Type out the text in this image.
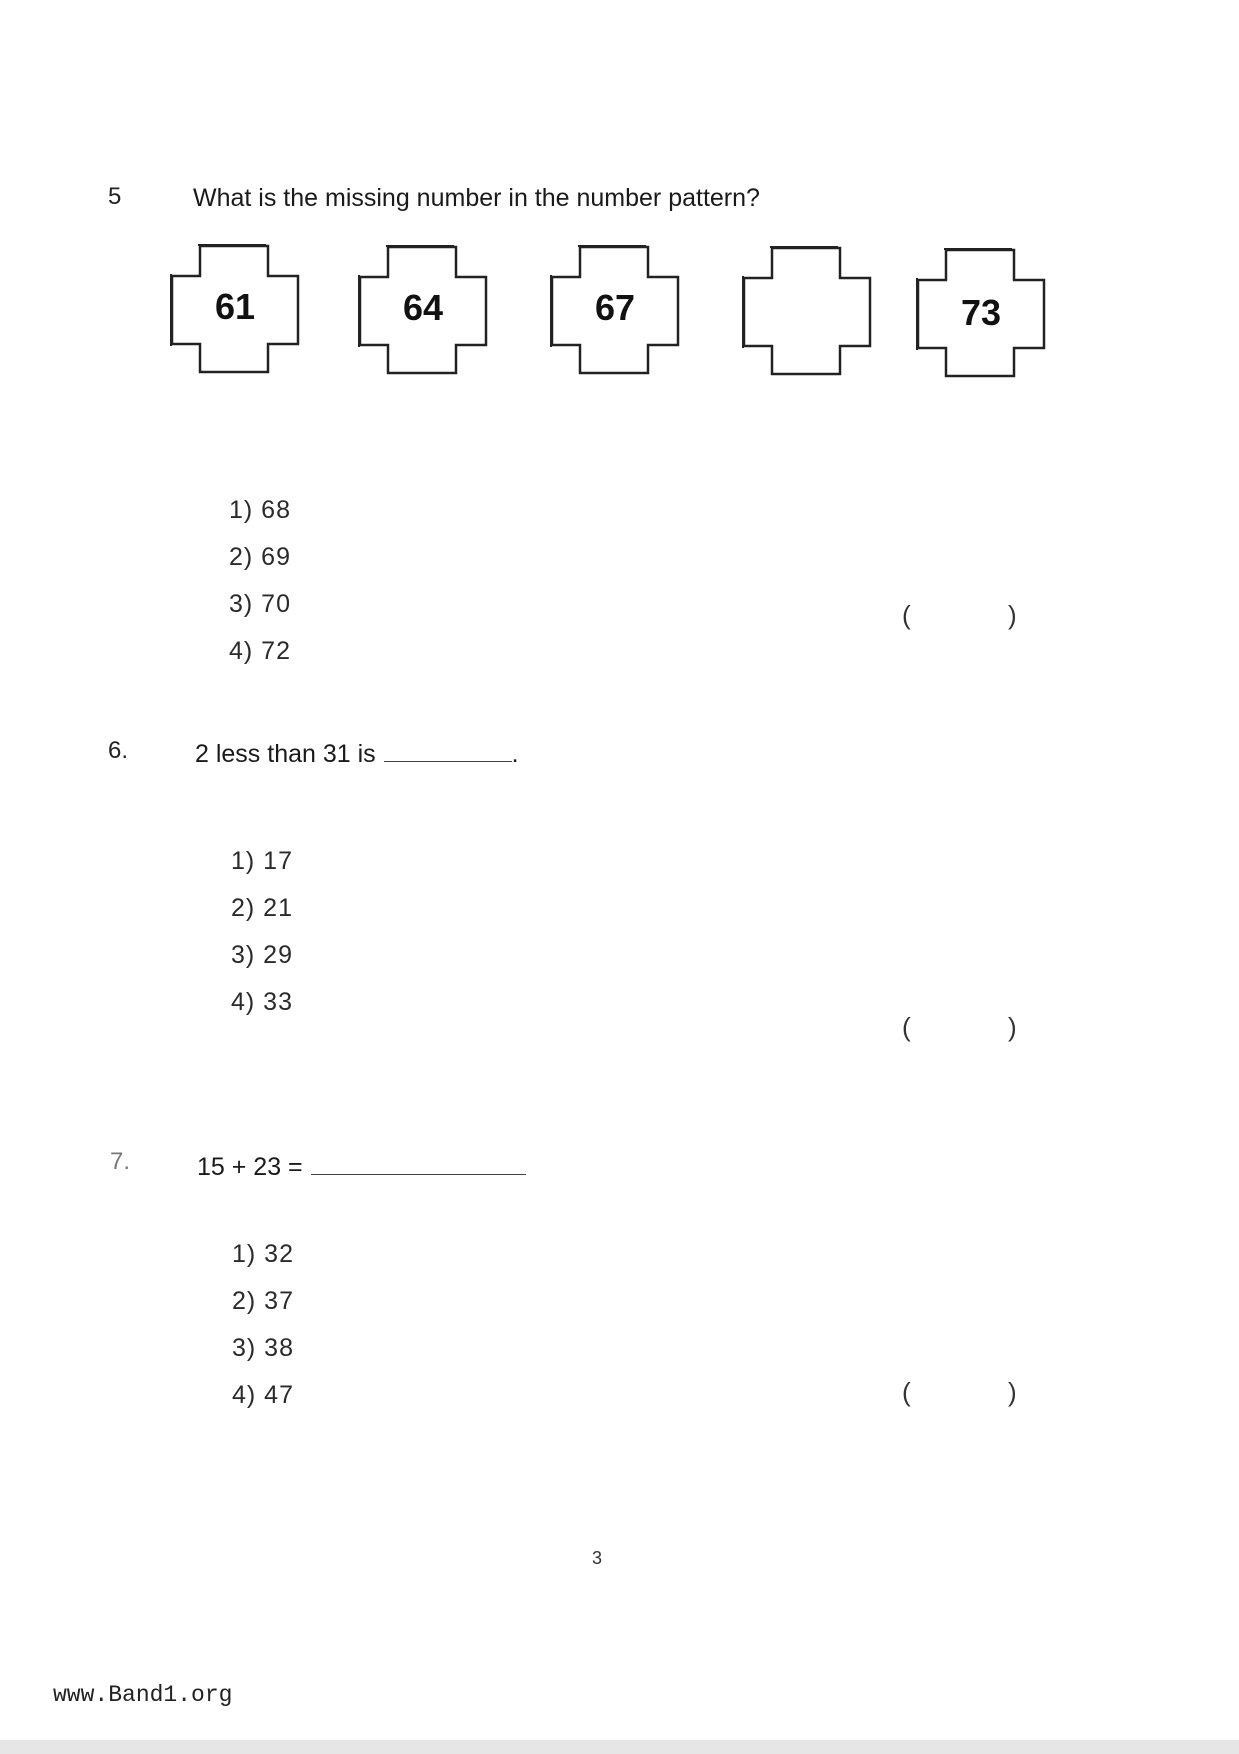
5	What is the missing number in the number pattern?
61	64	67	73
1) 68
2) 69
3) 70
4) 72
(	)
6.	2 less than 31 is	.
1) 17
2) 21
3) 29
4) 33
(	)
7.	15 + 23 =
1) 32
2) 37
3) 38
4) 47	(	)
3
www.Band1.org
